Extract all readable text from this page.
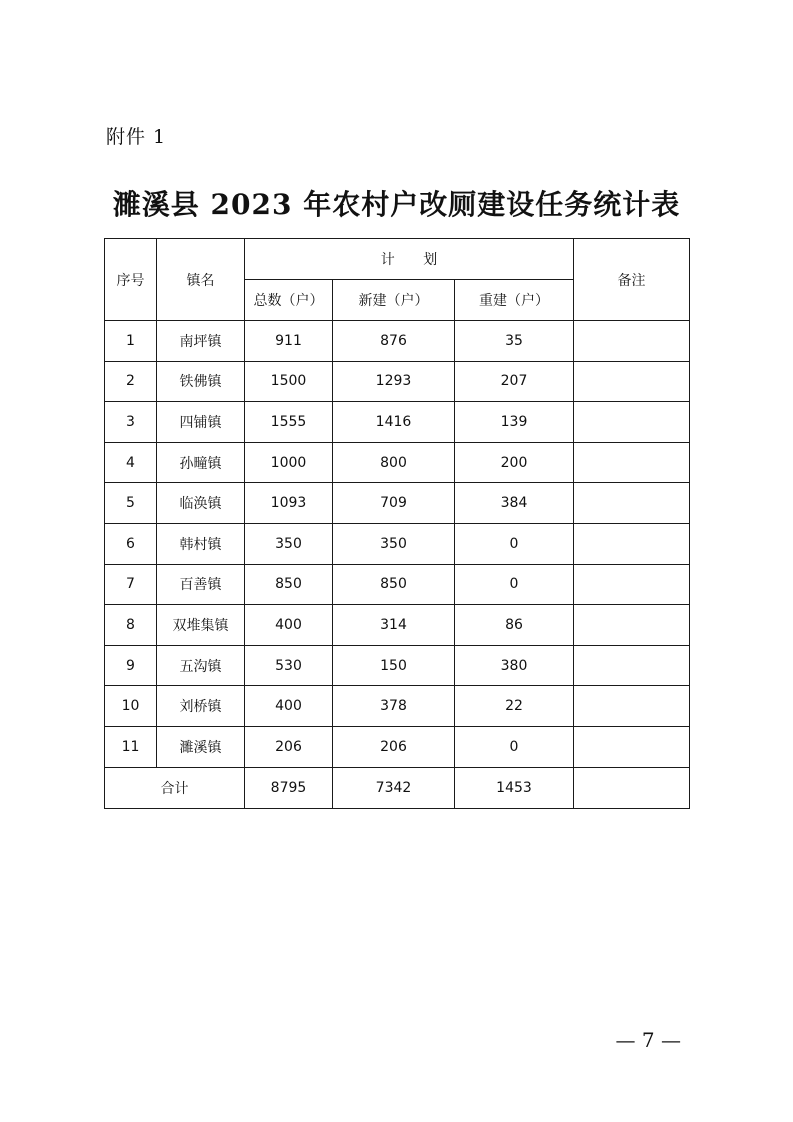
附件 1
濉溪县 2023 年农村户改厕建设任务统计表
序号	镇名	计 划			备注
		总数（户）	新建（户）	重建（户）	
1	南坪镇	911	876	35	
2	铁佛镇	1500	1293	207	
3	四铺镇	1555	1416	139	
4	孙疃镇	1000	800	200	
5	临涣镇	1093	709	384	
6	韩村镇	350	350	0	
7	百善镇	850	850	0	
8	双堆集镇	400	314	86	
9	五沟镇	530	150	380	
10	刘桥镇	400	378	22	
11	濉溪镇	206	206	0	
合计		8795	7342	1453	
— 7 —
